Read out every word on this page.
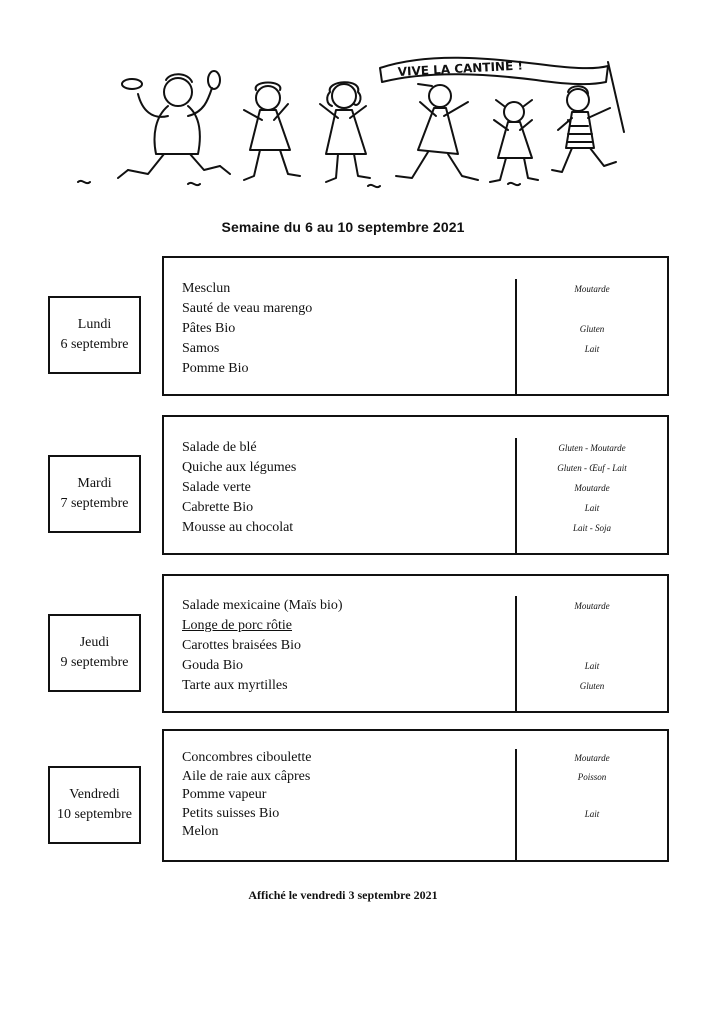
VIVE LA CANTINE !
Semaine du 6 au 10 septembre 2021
Lundi
6 septembre
Mesclun
Sauté de veau marengo
Pâtes Bio
Samos
Pomme Bio
Moutarde
Gluten
Lait
Mardi
7 septembre
Salade de blé
Quiche aux légumes
Salade verte
Cabrette Bio
Mousse au chocolat
Gluten - Moutarde
Gluten - Œuf - Lait
Moutarde
Lait
Lait - Soja
Jeudi
9 septembre
Salade mexicaine (Maïs bio)
Longe de porc rôtie
Carottes braisées Bio
Gouda Bio
Tarte aux myrtilles
Moutarde
Lait
Gluten
Vendredi
10 septembre
Concombres ciboulette
Aile de raie aux câpres
Pomme vapeur
Petits suisses Bio
Melon
Moutarde
Poisson
Lait
Affiché le vendredi 3 septembre 2021
